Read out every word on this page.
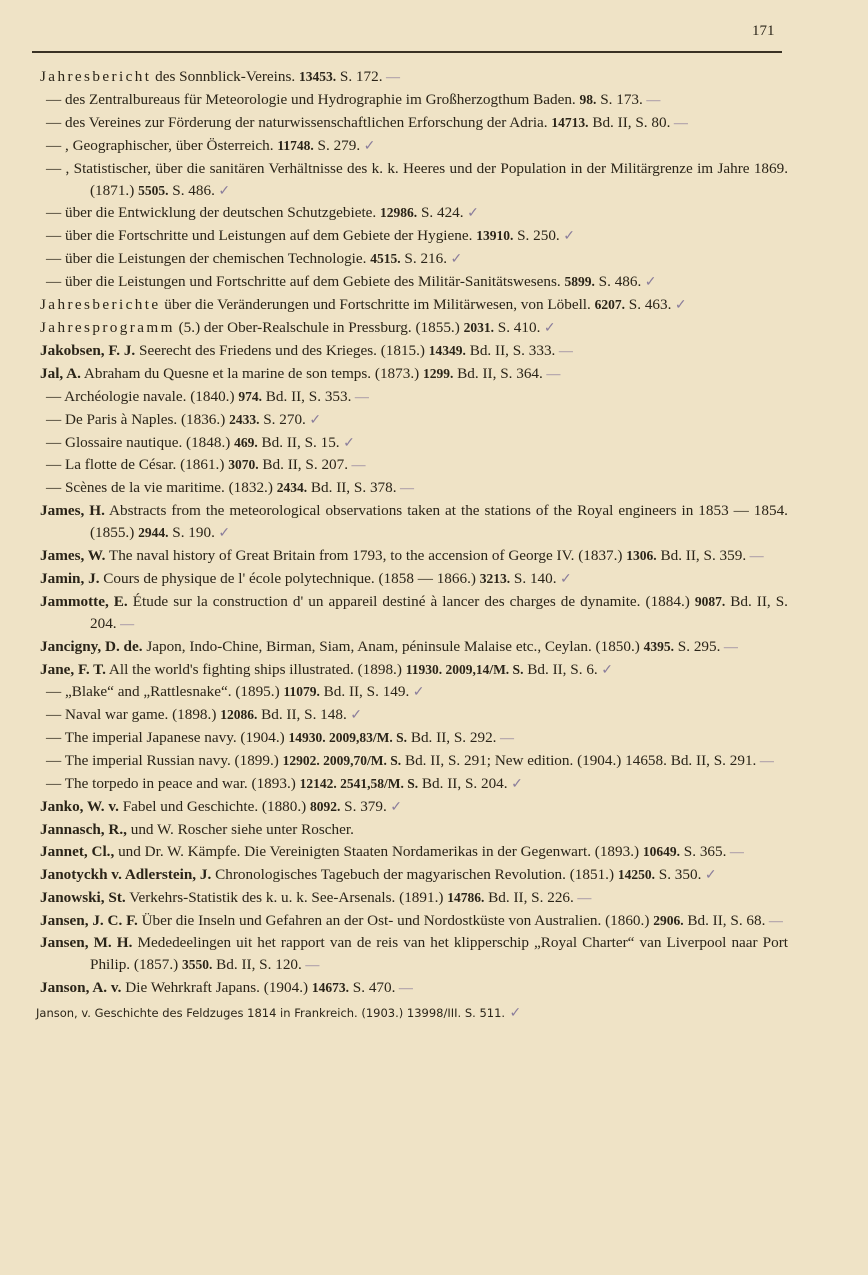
171

Jahresbericht des Sonnblick-Vereins. 13453. S. 172. —

— des Zentralbureaus für Meteorologie und Hydrographie im Großherzogthum Baden. 98. S. 173. —

— des Vereines zur Förderung der naturwissenschaftlichen Erforschung der Adria. 14713. Bd. II, S. 80. —

— , Geographischer, über Österreich. 11748. S. 279. ✓

— , Statistischer, über die sanitären Verhältnisse des k. k. Heeres und der Population in der Militärgrenze im Jahre 1869. (1871.) 5505. S. 486. ✓

— über die Entwicklung der deutschen Schutzgebiete. 12986. S. 424. ✓

— über die Fortschritte und Leistungen auf dem Gebiete der Hygiene. 13910. S. 250. ✓

— über die Leistungen der chemischen Technologie. 4515. S. 216. ✓

— über die Leistungen und Fortschritte auf dem Gebiete des Militär-Sanitätswesens. 5899. S. 486. ✓

Jahresberichte über die Veränderungen und Fortschritte im Militärwesen, von Löbell. 6207. S. 463. ✓

Jahresprogramm (5.) der Ober-Realschule in Pressburg. (1855.) 2031. S. 410. ✓

Jakobsen, F. J. Seerecht des Friedens und des Krieges. (1815.) 14349. Bd. II, S. 333. —

Jal, A. Abraham du Quesne et la marine de son temps. (1873.) 1299. Bd. II, S. 364. —

— Archéologie navale. (1840.) 974. Bd. II, S. 353. —

— De Paris à Naples. (1836.) 2433. S. 270. ✓

— Glossaire nautique. (1848.) 469. Bd. II, S. 15. ✓

— La flotte de César. (1861.) 3070. Bd. II, S. 207. —

— Scènes de la vie maritime. (1832.) 2434. Bd. II, S. 378. —

James, H. Abstracts from the meteorological observations taken at the stations of the Royal engineers in 1853 — 1854. (1855.) 2944. S. 190. ✓

James, W. The naval history of Great Britain from 1793, to the accension of George IV. (1837.) 1306. Bd. II, S. 359. —

Jamin, J. Cours de physique de l' école polytechnique. (1858 — 1866.) 3213. S. 140. ✓

Jammotte, E. Étude sur la construction d' un appareil destiné à lancer des charges de dynamite. (1884.) 9087. Bd. II, S. 204. —

Jancigny, D. de. Japon, Indo-Chine, Birman, Siam, Anam, péninsule Malaise etc., Ceylan. (1850.) 4395. S. 295. —

Jane, F. T. All the world's fighting ships illustrated. (1898.) 11930. 2009,14/M. S. Bd. II, S. 6. ✓

— „Blake“ and „Rattlesnake“. (1895.) 11079. Bd. II, S. 149. ✓

— Naval war game. (1898.) 12086. Bd. II, S. 148. ✓

— The imperial Japanese navy. (1904.) 14930. 2009,83/M. S. Bd. II, S. 292. —

— The imperial Russian navy. (1899.) 12902. 2009,70/M. S. Bd. II, S. 291; New edition. (1904.) 14658. Bd. II, S. 291. —

— The torpedo in peace and war. (1893.) 12142. 2541,58/M. S. Bd. II, S. 204. ✓

Janko, W. v. Fabel und Geschichte. (1880.) 8092. S. 379. ✓

Jannasch, R., und W. Roscher siehe unter Roscher.

Jannet, Cl., und Dr. W. Kämpfe. Die Vereinigten Staaten Nordamerikas in der Gegenwart. (1893.) 10649. S. 365. —

Janotyckh v. Adlerstein, J. Chronologisches Tagebuch der magyarischen Revolution. (1851.) 14250. S. 350. ✓

Janowski, St. Verkehrs-Statistik des k. u. k. See-Arsenals. (1891.) 14786. Bd. II, S. 226. —

Jansen, J. C. F. Über die Inseln und Gefahren an der Ost- und Nordostküste von Australien. (1860.) 2906. Bd. II, S. 68. —

Jansen, M. H. Mededeelingen uit het rapport van de reis van het klipperschip „Royal Charter“ van Liverpool naar Port Philip. (1857.) 3550. Bd. II, S. 120. —

Janson, A. v. Die Wehrkraft Japans. (1904.) 14673. S. 470. —

Janson, v. Geschichte des Feldzuges 1814 in Frankreich. (1903.) 13998/III. S. 511. ✓
